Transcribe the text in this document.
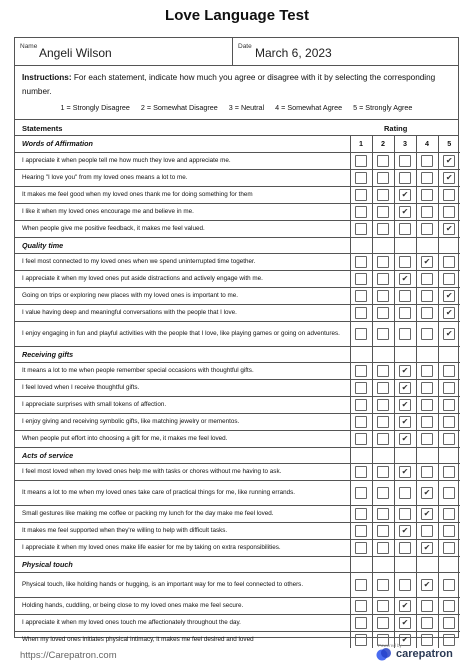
Love Language Test
Name Angeli Wilson	Date March 6, 2023
Instructions: For each statement, indicate how much you agree or disagree with it by selecting the corresponding number.
1 = Strongly Disagree 2 = Somewhat Disagree 3 = Neutral 4 = Somewhat Agree 5 = Strongly Agree
Statements	Rating
Words of Affirmation	1	2	3	4	5
I appreciate it when people tell me how much they love and appreciate me.					✔
Hearing "I love you" from my loved ones means a lot to me.					✔
It makes me feel good when my loved ones thank me for doing something for them			✔		
I like it when my loved ones encourage me and believe in me.			✔		
When people give me positive feedback, it makes me feel valued.					✔
Quality time					
I feel most connected to my loved ones when we spend uninterrupted time together.				✔	
I appreciate it when my loved ones put aside distractions and actively engage with me.			✔		
Going on trips or exploring new places with my loved ones is important to me.					✔
I value having deep and meaningful conversations with the people that I love.					✔
I enjoy engaging in fun and playful activities with the people that I love, like playing games or going on adventures.					✔
Receiving gifts					
It means a lot to me when people remember special occasions with thoughtful gifts.			✔		
I feel loved when I receive thoughtful gifts.			✔		
I appreciate surprises with small tokens of affection.			✔		
I enjoy giving and receiving symbolic gifts, like matching jewelry or mementos.			✔		
When people put effort into choosing a gift for me, it makes me feel loved.			✔		
Acts of service					
I feel most loved when my loved ones help me with tasks or chores without me having to ask.			✔		
It means a lot to me when my loved ones take care of practical things for me, like running errands.				✔	
Small gestures like making me coffee or packing my lunch for the day make me feel loved.				✔	
It makes me feel supported when they're willing to help with difficult tasks.			✔		
I appreciate it when my loved ones make life easier for me by taking on extra responsibilities.				✔	
Physical touch					
Physical touch, like holding hands or hugging, is an important way for me to feel connected to others.				✔	
Holding hands, cuddling, or being close to my loved ones make me feel secure.			✔		
I appreciate it when my loved ones touch me affectionately throughout the day.			✔		
When my loved ones initiates physical intimacy, it makes me feel desired and loved			✔		
https://Carepatron.com
Powered by
carepatron
